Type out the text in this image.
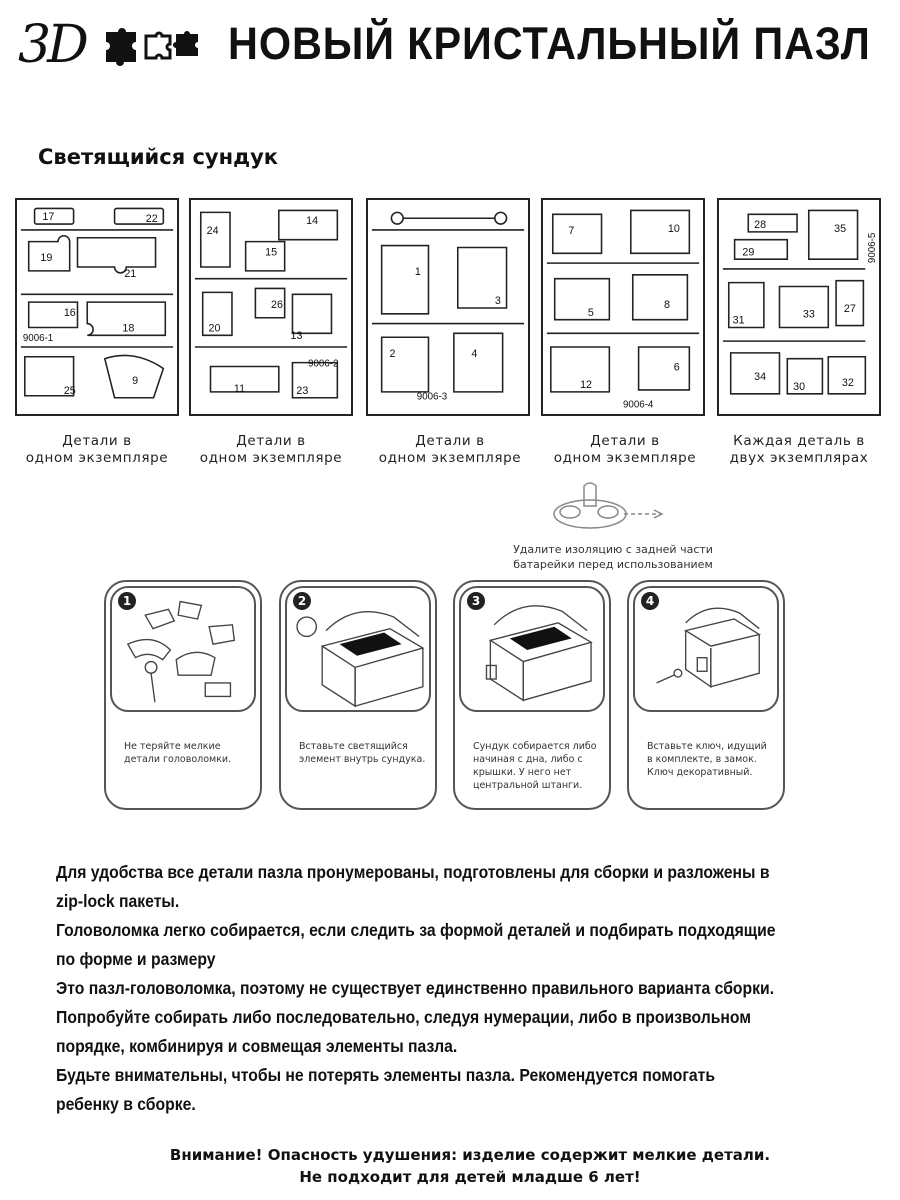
3D	НОВЫЙ КРИСТАЛЬНЫЙ ПАЗЛ
Светящийся сундук
17	22
19
21
16
18
25
9
9006-1
24
14
15
26
20
13
11	23
9006-2
1
3
2	4
9006-3
7	10
5
8
12
6
9006-4
28	35
29
31	33	27
34
30	32
9006-5
Детали в
одном экземпляре
Детали в
одном экземпляре
Детали в
одном экземпляре
Детали в
одном экземпляре
Каждая деталь в
двух экземплярах
Удалите изоляцию с задней части батарейки перед использованием
1
Не теряйте мелкие детали головоломки.
2
Вставьте светящийся элемент внутрь сундука.
3
Сундук собирается либо начиная с дна, либо с крышки. У него нет центральной штанги.
4
Вставьте ключ, идущий в комплекте, в замок. Ключ декоративный.

Для удобства все детали пазла пронумерованы, подготовлены для сборки и разложены в zip-lock пакеты.

Головоломка легко собирается, если следить за формой деталей и подбирать подходящие по форме и размеру

Это пазл-головоломка, поэтому не существует единственно правильного варианта сборки.

Попробуйте собирать либо последовательно, следуя нумерации, либо в произвольном порядке, комбинируя и совмещая элементы пазла.

Будьте внимательны, чтобы не потерять элементы пазла. Рекомендуется помогать ребенку в сборке.

Внимание! Опасность удушения: изделие содержит мелкие детали.
Не подходит для детей младше 6 лет!
